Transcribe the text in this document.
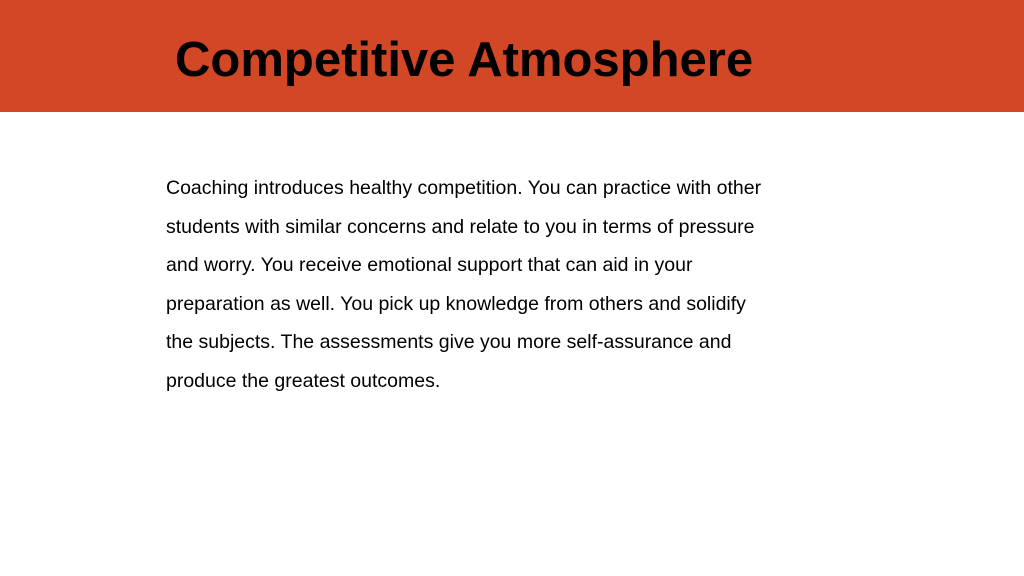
Competitive Atmosphere
Coaching introduces healthy competition. You can practice with other
students with similar concerns and relate to you in terms of pressure
and worry. You receive emotional support that can aid in your
preparation as well. You pick up knowledge from others and solidify
the subjects. The assessments give you more self-assurance and
produce the greatest outcomes.
